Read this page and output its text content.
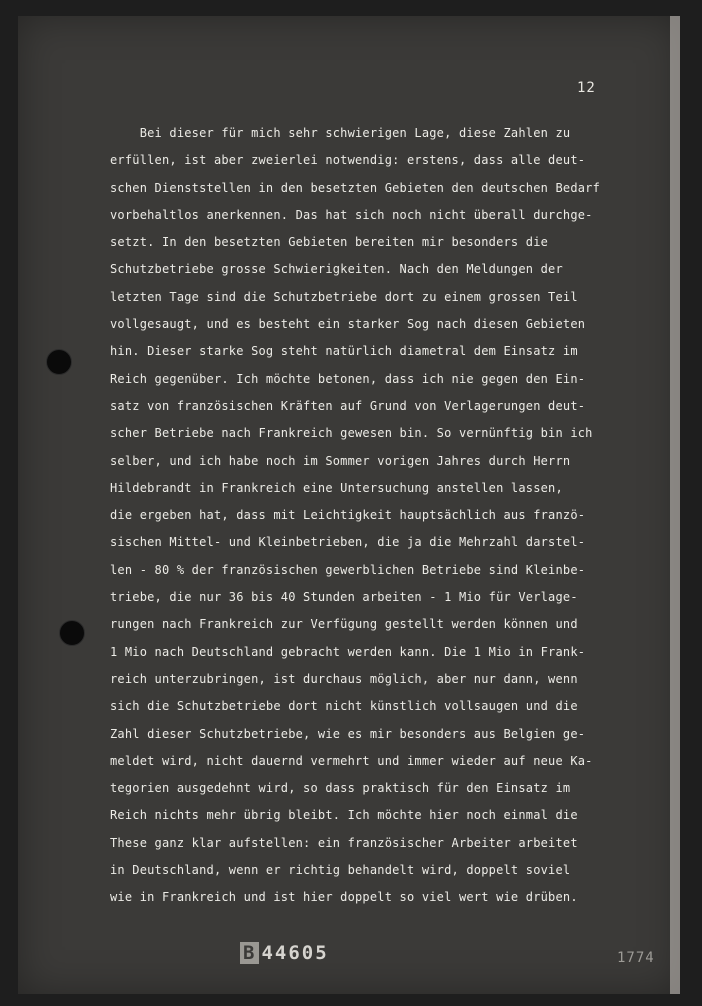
12
Bei dieser für mich sehr schwierigen Lage, diese Zahlen zu
erfüllen, ist aber zweierlei notwendig: erstens, dass alle deut-
schen Dienststellen in den besetzten Gebieten den deutschen Bedarf
vorbehaltlos anerkennen. Das hat sich noch nicht überall durchge-
setzt. In den besetzten Gebieten bereiten mir besonders die
Schutzbetriebe grosse Schwierigkeiten. Nach den Meldungen der
letzten Tage sind die Schutzbetriebe dort zu einem grossen Teil
vollgesaugt, und es besteht ein starker Sog nach diesen Gebieten
hin. Dieser starke Sog steht natürlich diametral dem Einsatz im
Reich gegenüber. Ich möchte betonen, dass ich nie gegen den Ein-
satz von französischen Kräften auf Grund von Verlagerungen deut-
scher Betriebe nach Frankreich gewesen bin. So vernünftig bin ich
selber, und ich habe noch im Sommer vorigen Jahres durch Herrn
Hildebrandt in Frankreich eine Untersuchung anstellen lassen,
die ergeben hat, dass mit Leichtigkeit hauptsächlich aus franzö-
sischen Mittel- und Kleinbetrieben, die ja die Mehrzahl darstel-
len - 80 % der französischen gewerblichen Betriebe sind Kleinbe-
triebe, die nur 36 bis 40 Stunden arbeiten - 1 Mio für Verlage-
rungen nach Frankreich zur Verfügung gestellt werden können und
1 Mio nach Deutschland gebracht werden kann. Die 1 Mio in Frank-
reich unterzubringen, ist durchaus möglich, aber nur dann, wenn
sich die Schutzbetriebe dort nicht künstlich vollsaugen und die
Zahl dieser Schutzbetriebe, wie es mir besonders aus Belgien ge-
meldet wird, nicht dauernd vermehrt und immer wieder auf neue Ka-
tegorien ausgedehnt wird, so dass praktisch für den Einsatz im
Reich nichts mehr übrig bleibt. Ich möchte hier noch einmal die
These ganz klar aufstellen: ein französischer Arbeiter arbeitet
in Deutschland, wenn er richtig behandelt wird, doppelt soviel
wie in Frankreich und ist hier doppelt so viel wert wie drüben.
B 44605	1774
